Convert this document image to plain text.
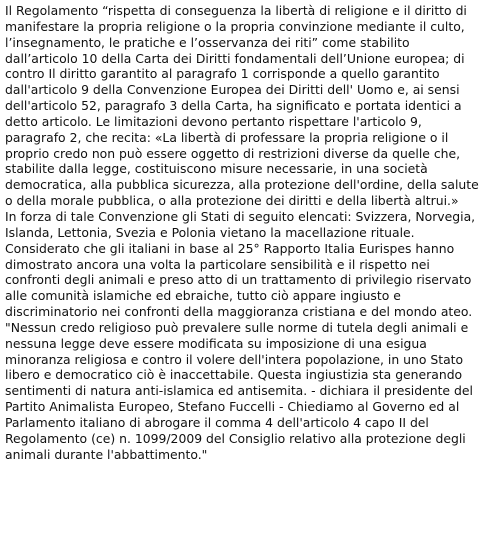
Il Regolamento “rispetta di conseguenza la libertà di religione e il diritto di manifestare la propria religione o la propria convinzione mediante il culto, l’insegnamento, le pratiche e l’osservanza dei riti” come stabilito dall’articolo 10 della Carta dei Diritti fondamentali dell’Unione europea; di contro Il diritto garantito al paragrafo 1 corrisponde a quello garantito dall'articolo 9 della Convenzione Europea dei Diritti dell' Uomo e, ai sensi dell'articolo 52, paragrafo 3 della Carta, ha significato e portata identici a detto articolo. Le limitazioni devono pertanto rispettare l'articolo 9, paragrafo 2, che recita: «La libertà di professare la propria religione o il proprio credo non può essere oggetto di restrizioni diverse da quelle che, stabilite dalla legge, costituiscono misure necessarie, in una società democratica, alla pubblica sicurezza, alla protezione dell'ordine, della salute o della morale pubblica, o alla protezione dei diritti e della libertà altrui.»

In forza di tale Convenzione gli Stati di seguito elencati: Svizzera, Norvegia, Islanda, Lettonia, Svezia e Polonia vietano la macellazione rituale.

Considerato che gli italiani in base al 25° Rapporto Italia Eurispes hanno dimostrato ancora una volta la particolare sensibilità e il rispetto nei confronti degli animali e preso atto di un trattamento di privilegio riservato alle comunità islamiche ed ebraiche, tutto ciò appare ingiusto e discriminatorio nei confronti della maggioranza cristiana e del mondo ateo.

"Nessun credo religioso può prevalere sulle norme di tutela degli animali e nessuna legge deve essere modificata su imposizione di una esigua minoranza religiosa e contro il volere dell'intera popolazione, in uno Stato libero e democratico ciò è inaccettabile. Questa ingiustizia sta generando sentimenti di natura anti-islamica ed antisemita. - dichiara il presidente del Partito Animalista Europeo, Stefano Fuccelli - Chiediamo al Governo ed al Parlamento italiano di abrogare il comma 4 dell'articolo 4 capo II del Regolamento (ce) n. 1099/2009 del Consiglio relativo alla protezione degli animali durante l'abbattimento."
